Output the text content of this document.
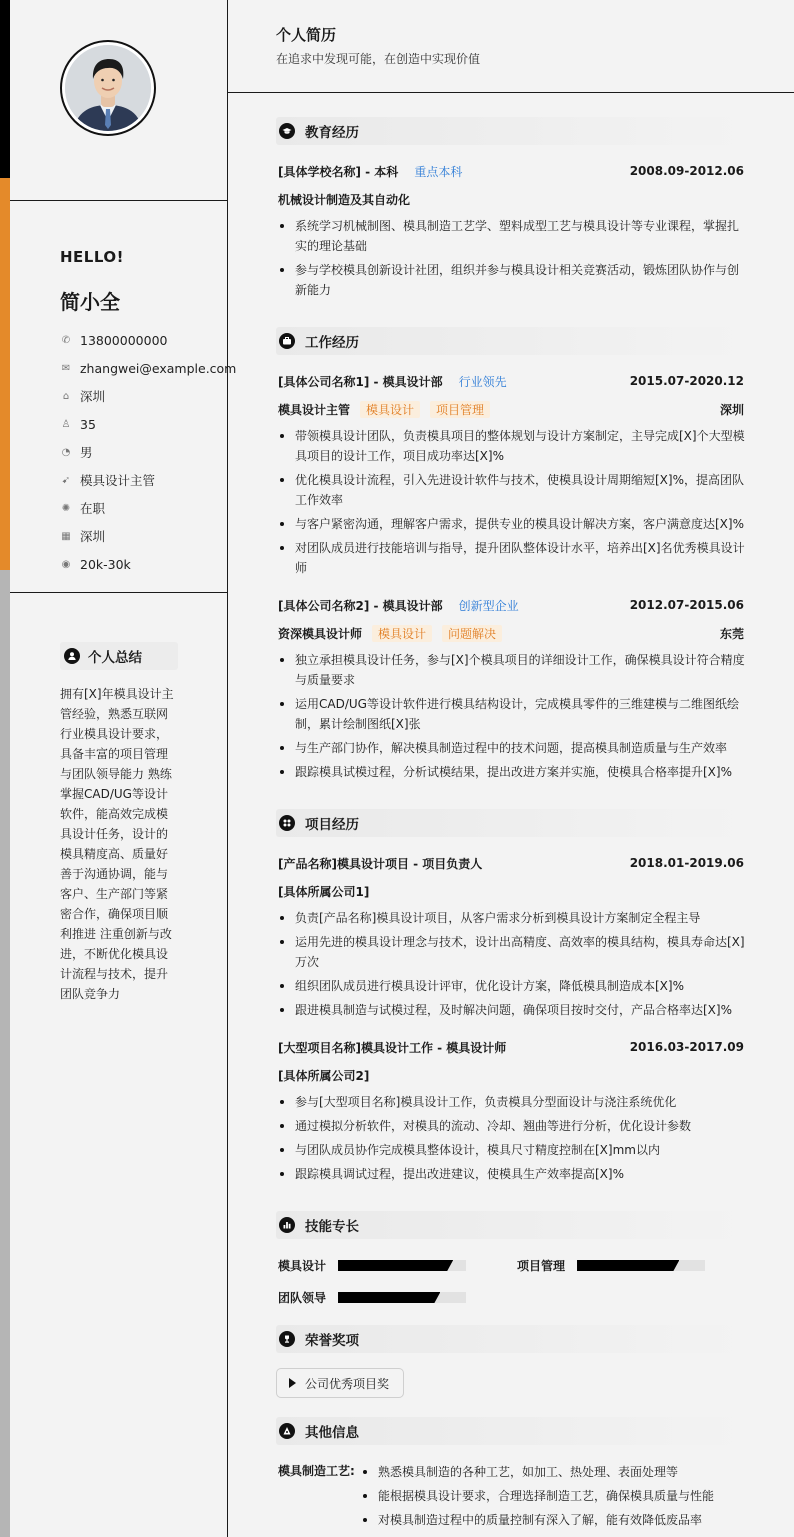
HELLO!
简小全
✆ 13800000000
✉ zhangwei@example.com
⌂ 深圳
♙ 35
◔ 男
➹ 模具设计主管
✺ 在职
▦ 深圳
◉ 20k-30k
个人总结
拥有[X]年模具设计主管经验，熟悉互联网行业模具设计要求，具备丰富的项目管理与团队领导能力 熟练掌握CAD/UG等设计软件，能高效完成模具设计任务，设计的模具精度高、质量好 善于沟通协调，能与客户、生产部门等紧密合作，确保项目顺利推进 注重创新与改进，不断优化模具设计流程与技术，提升团队竞争力
个人简历
在追求中发现可能，在创造中实现价值
教育经历
[具体学校名称] - 本科 重点本科	2008.09-2012.06
机械设计制造及其自动化
系统学习机械制图、模具制造工艺学、塑料成型工艺与模具设计等专业课程，掌握扎实的理论基础
参与学校模具创新设计社团，组织并参与模具设计相关竞赛活动，锻炼团队协作与创新能力
工作经历
[具体公司名称1] - 模具设计部 行业领先	2015.07-2020.12
模具设计主管	模具设计	项目管理	深圳
带领模具设计团队，负责模具项目的整体规划与设计方案制定，主导完成[X]个大型模具项目的设计工作，项目成功率达[X]%
优化模具设计流程，引入先进设计软件与技术，使模具设计周期缩短[X]%，提高团队工作效率
与客户紧密沟通，理解客户需求，提供专业的模具设计解决方案，客户满意度达[X]%
对团队成员进行技能培训与指导，提升团队整体设计水平，培养出[X]名优秀模具设计师
[具体公司名称2] - 模具设计部 创新型企业	2012.07-2015.06
资深模具设计师	模具设计	问题解决	东莞
独立承担模具设计任务，参与[X]个模具项目的详细设计工作，确保模具设计符合精度与质量要求
运用CAD/UG等设计软件进行模具结构设计，完成模具零件的三维建模与二维图纸绘制，累计绘制图纸[X]张
与生产部门协作，解决模具制造过程中的技术问题，提高模具制造质量与生产效率
跟踪模具试模过程，分析试模结果，提出改进方案并实施，使模具合格率提升[X]%
项目经历
[产品名称]模具设计项目 - 项目负责人	2018.01-2019.06
[具体所属公司1]
负责[产品名称]模具设计项目，从客户需求分析到模具设计方案制定全程主导
运用先进的模具设计理念与技术，设计出高精度、高效率的模具结构，模具寿命达[X]万次
组织团队成员进行模具设计评审，优化设计方案，降低模具制造成本[X]%
跟进模具制造与试模过程，及时解决问题，确保项目按时交付，产品合格率达[X]%
[大型项目名称]模具设计工作 - 模具设计师	2016.03-2017.09
[具体所属公司2]
参与[大型项目名称]模具设计工作，负责模具分型面设计与浇注系统优化
通过模拟分析软件，对模具的流动、冷却、翘曲等进行分析，优化设计参数
与团队成员协作完成模具整体设计，模具尺寸精度控制在[X]mm以内
跟踪模具调试过程，提出改进建议，使模具生产效率提高[X]%
技能专长
模具设计	项目管理
团队领导
荣誉奖项
公司优秀项目奖
其他信息
模具制造工艺:	熟悉模具制造的各种工艺，如加工、热处理、表面处理等
能根据模具设计要求，合理选择制造工艺，确保模具质量与性能
对模具制造过程中的质量控制有深入了解，能有效降低废品率
